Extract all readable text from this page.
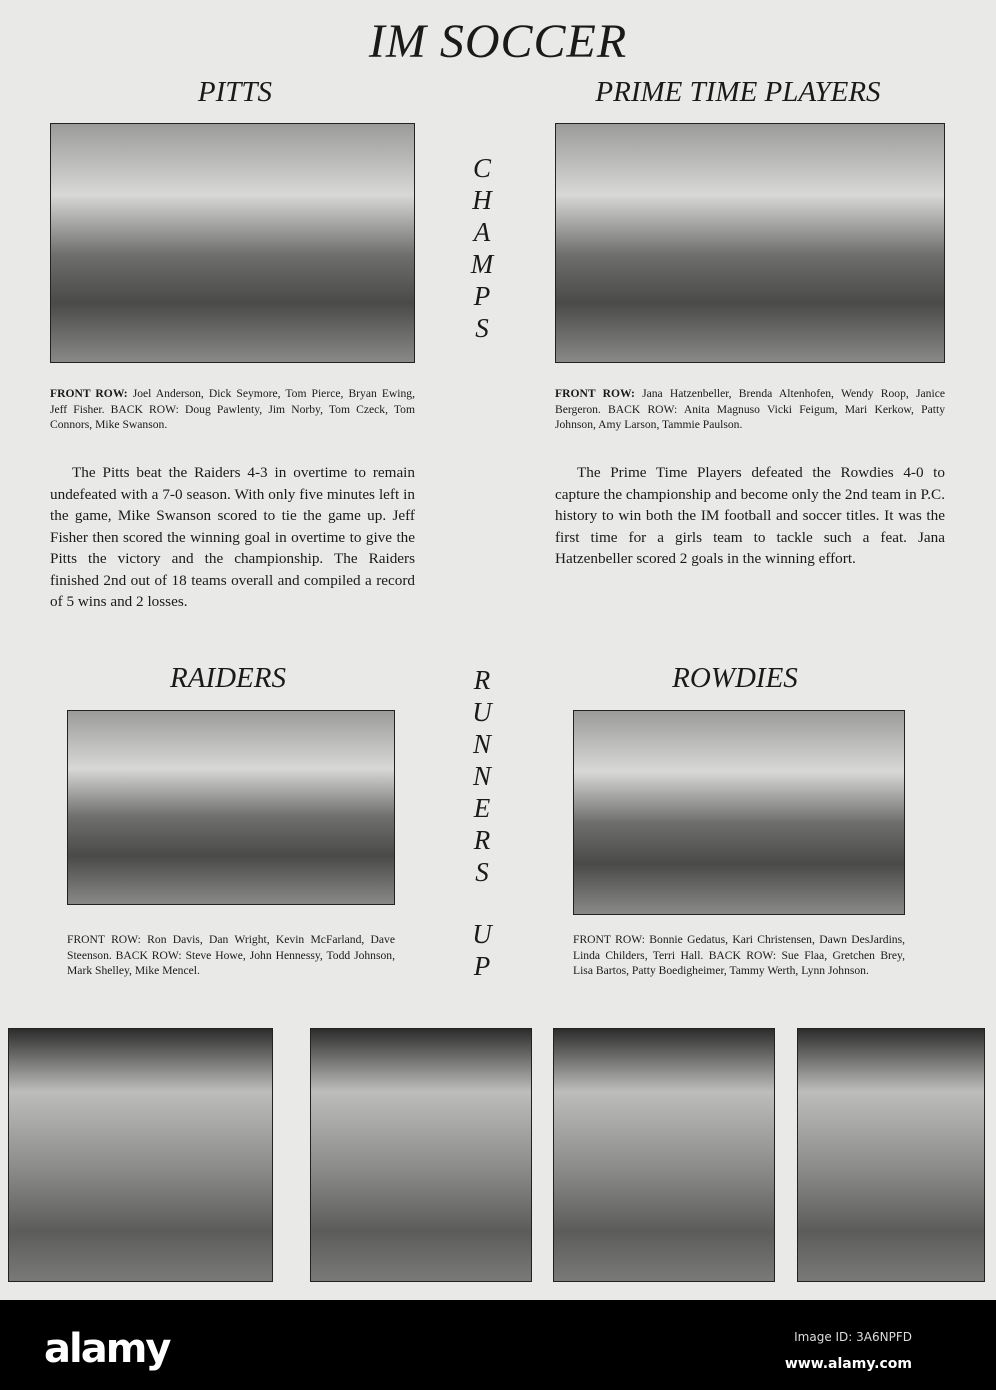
IM SOCCER
PITTS	PRIME TIME PLAYERS
C
H
A
M
P
S
FRONT ROW: Joel Anderson, Dick Seymore, Tom Pierce, Bryan Ewing, Jeff Fisher. BACK ROW: Doug Pawlenty, Jim Norby, Tom Czeck, Tom Connors, Mike Swanson.
FRONT ROW: Jana Hatzenbeller, Brenda Altenhofen, Wendy Roop, Janice Bergeron. BACK ROW: Anita Magnuso Vicki Feigum, Mari Kerkow, Patty Johnson, Amy Larson, Tammie Paulson.
The Pitts beat the Raiders 4-3 in overtime to remain undefeated with a 7-0 season. With only five minutes left in the game, Mike Swanson scored to tie the game up. Jeff Fisher then scored the winning goal in overtime to give the Pitts the victory and the championship. The Raiders finished 2nd out of 18 teams overall and compiled a record of 5 wins and 2 losses.
The Prime Time Players defeated the Rowdies 4-0 to capture the championship and become only the 2nd team in P.C. history to win both the IM football and soccer titles. It was the first time for a girls team to tackle such a feat. Jana Hatzenbeller scored 2 goals in the winning effort.
RAIDERS	ROWDIES
R
U
N
N
E
R
S
U
P
FRONT ROW: Ron Davis, Dan Wright, Kevin McFarland, Dave Steenson. BACK ROW: Steve Howe, John Hennessy, Todd Johnson, Mark Shelley, Mike Mencel.
FRONT ROW: Bonnie Gedatus, Kari Christensen, Dawn DesJardins, Linda Childers, Terri Hall. BACK ROW: Sue Flaa, Gretchen Brey, Lisa Bartos, Patty Boedigheimer, Tammy Werth, Lynn Johnson.
alamy	Image ID: 3A6NPFD
www.alamy.com
